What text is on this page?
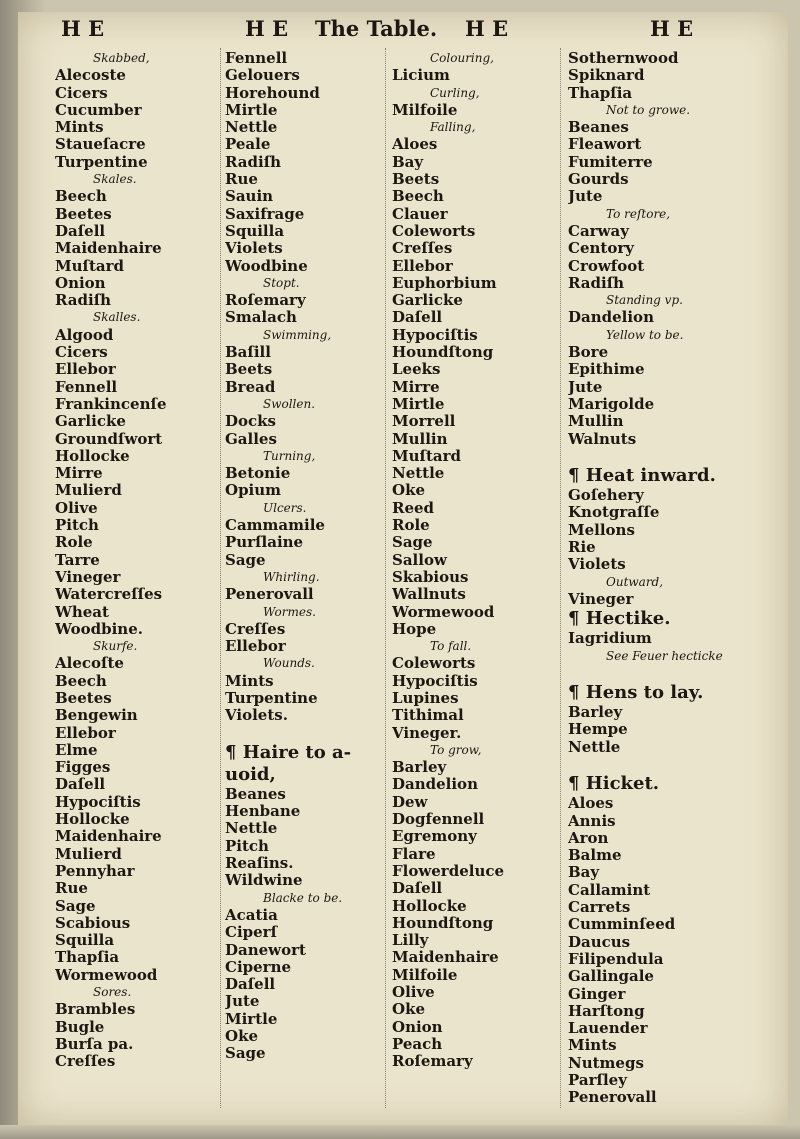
H E	H E The Table. H E	H E
Skabbed,
Alecoste
Cicers
Cucumber
Mints
Staueſacre
Turpentine
Skales.
Beech
Beetes
Daſell
Maidenhaire
Muſtard
Onion
Radiſh
Skalles.
Algood
Cicers
Ellebor
Fennell
Frankincenſe
Garlicke
Groundſwort
Hollocke
Mirre
Mulierd
Olive
Pitch
Role
Tarre
Vineger
Watercreſſes
Wheat
Woodbine.
Skurfe.
Alecoſte
Beech
Beetes
Bengewin
Ellebor
Elme
Figges
Daſell
Hypociſtis
Hollocke
Maidenhaire
Mulierd
Pennyhar
Rue
Sage
Scabious
Squilla
Thapſia
Wormewood
Sores.
Brambles
Bugle
Burſa pa.
Creſſes
Fennell
Gelouers
Horehound
Mirtle
Nettle
Peale
Radiſh
Rue
Sauin
Saxifrage
Squilla
Violets
Woodbine
Stopt.
Roſemary
Smalach
Swimming,
Baſill
Beets
Bread
Swollen.
Docks
Galles
Turning,
Betonie
Opium
Ulcers.
Cammamile
Purſlaine
Sage
Whirling.
Penerovall
Wormes.
Creſſes
Ellebor
Wounds.
Mints
Turpentine
Violets.
¶ Haire to a-
uoid,
Beanes
Henbane
Nettle
Pitch
Reaſins.
Wildwine
Blacke to be.
Acatia
Ciperſ
Danewort
Ciperne
Daſell
Jute
Mirtle
Oke
Sage
Colouring,
Licium
Curling,
Milfoile
Falling,
Aloes
Bay
Beets
Beech
Clauer
Coleworts
Creſſes
Ellebor
Euphorbium
Garlicke
Daſell
Hypociſtis
Houndſtong
Leeks
Mirre
Mirtle
Morrell
Mullin
Muſtard
Nettle
Oke
Reed
Role
Sage
Sallow
Skabious
Wallnuts
Wormewood
Hope
To fall.
Coleworts
Hypociſtis
Lupines
Tithimal
Vineger.
To grow,
Barley
Dandelion
Dew
Dogfennell
Egremony
Flare
Flowerdeluce
Daſell
Hollocke
Houndſtong
Lilly
Maidenhaire
Milfoile
Olive
Oke
Onion
Peach
Roſemary
Sothernwood
Spiknard
Thapſia
Not to growe.
Beanes
Fleawort
Fumiterre
Gourds
Jute
To reſtore,
Carway
Centory
Crowfoot
Radiſh
Standing vp.
Dandelion
Yellow to be.
Bore
Epithime
Jute
Marigolde
Mullin
Walnuts
¶ Heat inward.
Goſehery
Knotgraſſe
Mellons
Rie
Violets
Outward,
Vineger
¶ Hectike.
Iagridium
See Feuer hecticke
¶ Hens to lay.
Barley
Hempe
Nettle
¶ Hicket.
Aloes
Annis
Aron
Balme
Bay
Callamint
Carrets
Cumminſeed
Daucus
Filipendula
Gallingale
Ginger
Harſtong
Lauender
Mints
Nutmegs
Parſley
Penerovall
